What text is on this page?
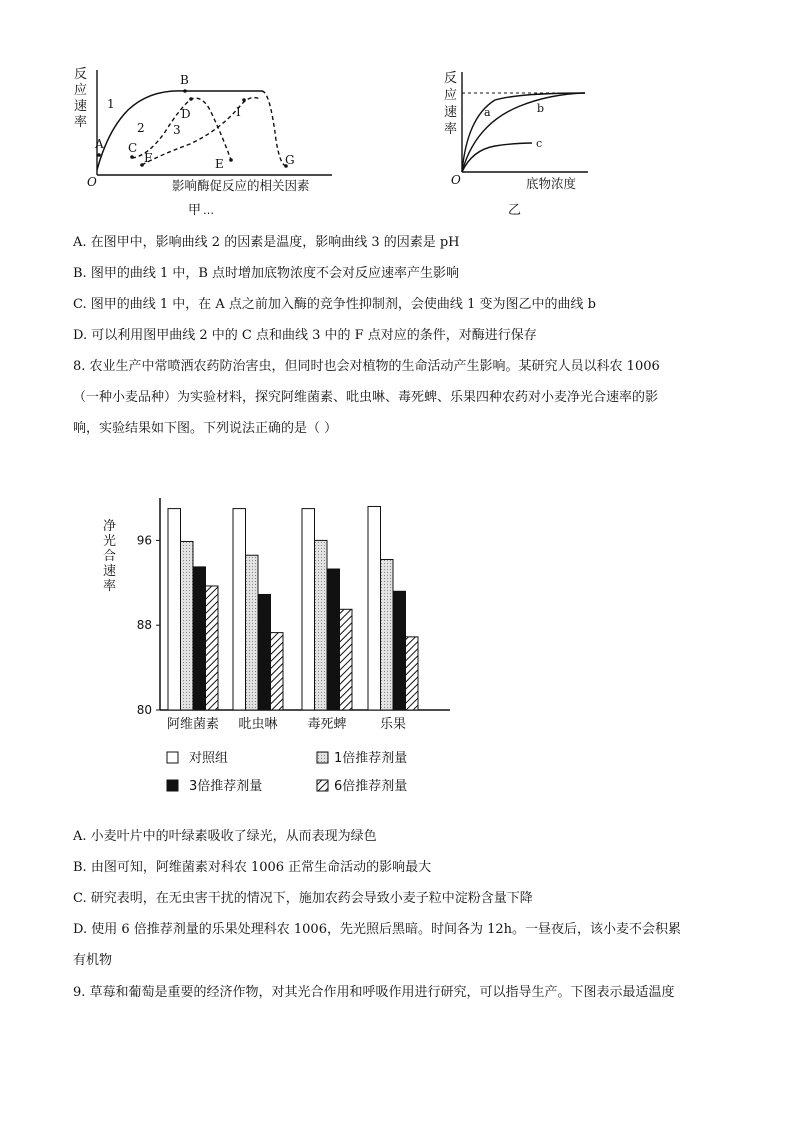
反
应
速
率
O
1
2 3
A
B
C
D
E
F	G
I
影响酶促反应的相关因素
甲 …
反
应
速
率
O
a	b
c
底物浓度
乙
A. 在图甲中，影响曲线 2 的因素是温度，影响曲线 3 的因素是 pH
B. 图甲的曲线 1 中，B 点时增加底物浓度不会对反应速率产生影响
C. 图甲的曲线 1 中，在 A 点之前加入酶的竞争性抑制剂，会使曲线 1 变为图乙中的曲线 b
D. 可以利用图甲曲线 2 中的 C 点和曲线 3 中的 F 点对应的条件，对酶进行保存
8. 农业生产中常喷洒农药防治害虫，但同时也会对植物的生命活动产生影响。某研究人员以科农 1006
（一种小麦品种）为实验材料，探究阿维菌素、吡虫啉、毒死蜱、乐果四种农药对小麦净光合速率的影
响，实验结果如下图。下列说法正确的是（ ）
净
光
合
速
率
80
88
96
阿维菌素 吡虫啉 毒死蜱	乐果
对照组	1倍推荐剂量
3倍推荐剂量	6倍推荐剂量
A. 小麦叶片中的叶绿素吸收了绿光，从而表现为绿色
B. 由图可知，阿维菌素对科农 1006 正常生命活动的影响最大
C. 研究表明，在无虫害干扰的情况下，施加农药会导致小麦子粒中淀粉含量下降
D. 使用 6 倍推荐剂量的乐果处理科农 1006，先光照后黑暗。时间各为 12h。一昼夜后，该小麦不会积累
有机物
9. 草莓和葡萄是重要的经济作物，对其光合作用和呼吸作用进行研究，可以指导生产。下图表示最适温度
